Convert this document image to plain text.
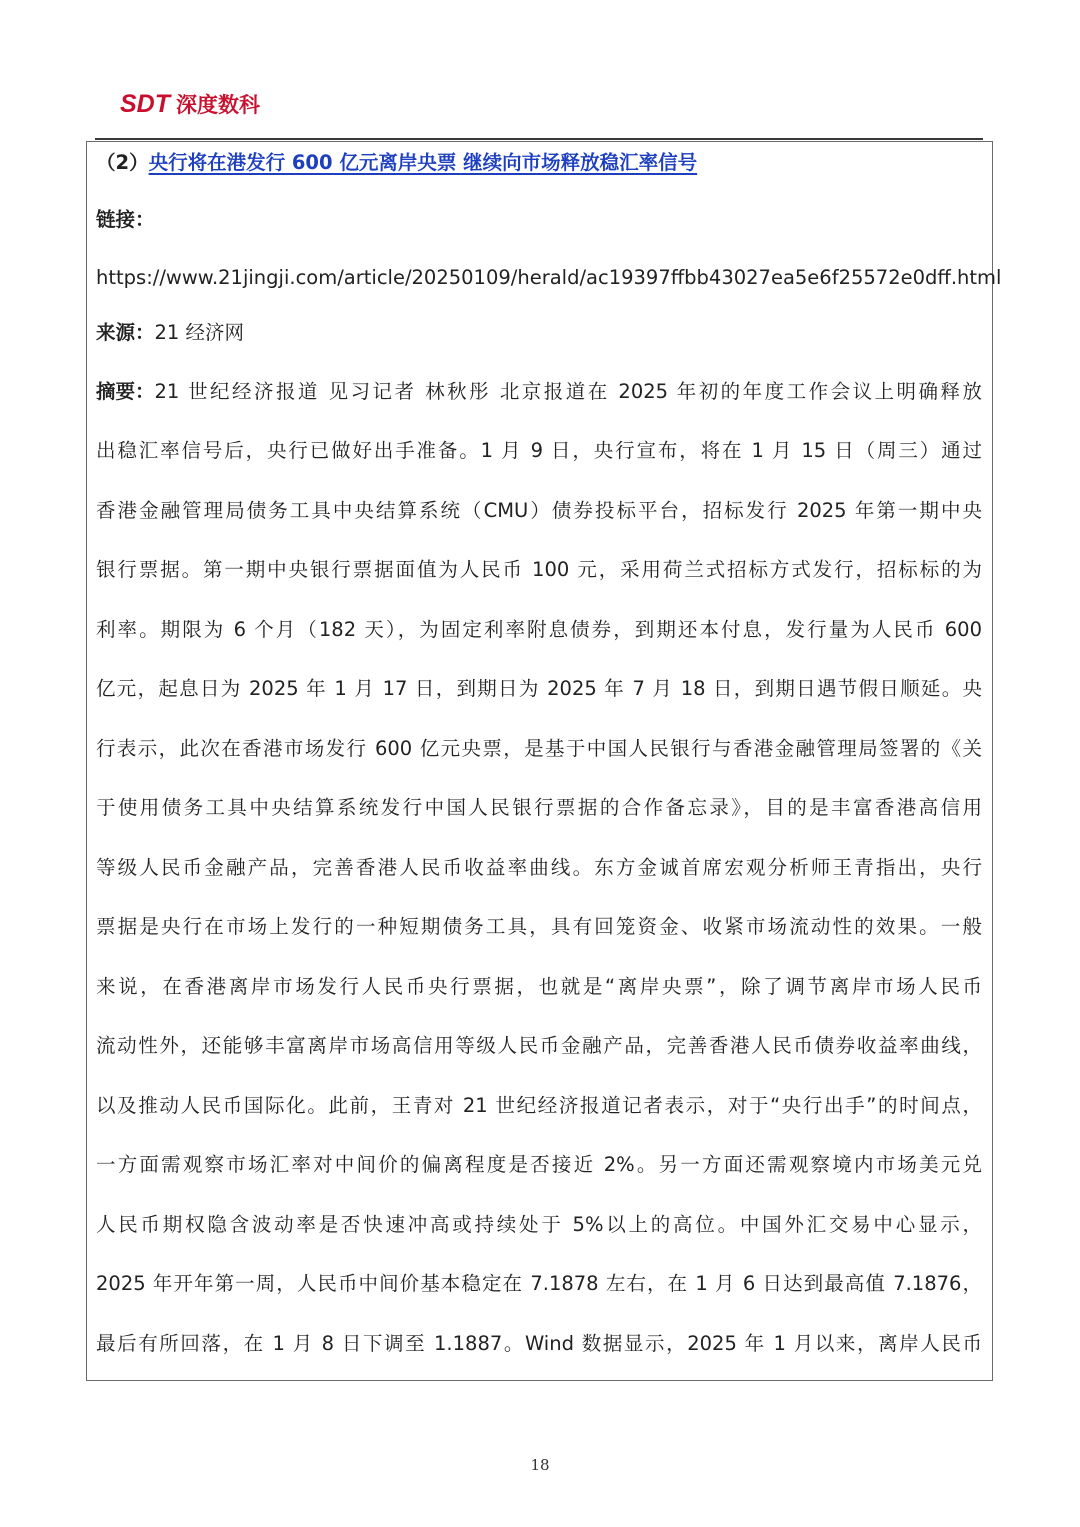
SDT 深度数科
（2）央行将在港发行 600 亿元离岸央票 继续向市场释放稳汇率信号
链接：
https://www.21jingji.com/article/20250109/herald/ac19397ffbb43027ea5e6f25572e0dff.html
来源：21 经济网
摘要： 21 世纪经济报道 见习记者 林秋彤 北京报道在 2025 年初的年度工作会议上明确释放
出稳汇率信号后，央行已做好出手准备。1 月 9 日，央行宣布，将在 1 月 15 日（周三）通过
香港金融管理局债务工具中央结算系统（CMU）债券投标平台，招标发行 2025 年第一期中央
银行票据。第一期中央银行票据面值为人民币 100 元，采用荷兰式招标方式发行，招标标的为
利率。期限为 6 个月（182 天），为固定利率附息债券，到期还本付息，发行量为人民币 600
亿元，起息日为 2025 年 1 月 17 日，到期日为 2025 年 7 月 18 日，到期日遇节假日顺延。央
行表示，此次在香港市场发行 600 亿元央票，是基于中国人民银行与香港金融管理局签署的《关
于使用债务工具中央结算系统发行中国人民银行票据的合作备忘录》，目的是丰富香港高信用
等级人民币金融产品，完善香港人民币收益率曲线。东方金诚首席宏观分析师王青指出，央行
票据是央行在市场上发行的一种短期债务工具，具有回笼资金、收紧市场流动性的效果。一般
来说，在香港离岸市场发行人民币央行票据，也就是“离岸央票”，除了调节离岸市场人民币
流动性外，还能够丰富离岸市场高信用等级人民币金融产品，完善香港人民币债券收益率曲线，
以及推动人民币国际化。此前，王青对 21 世纪经济报道记者表示，对于“央行出手”的时间点，
一方面需观察市场汇率对中间价的偏离程度是否接近 2%。另一方面还需观察境内市场美元兑
人民币期权隐含波动率是否快速冲高或持续处于 5%以上的高位。中国外汇交易中心显示，
2025 年开年第一周，人民币中间价基本稳定在 7.1878 左右，在 1 月 6 日达到最高值 7.1876，
最后有所回落，在 1 月 8 日下调至 1.1887。Wind 数据显示，2025 年 1 月以来，离岸人民币
18
